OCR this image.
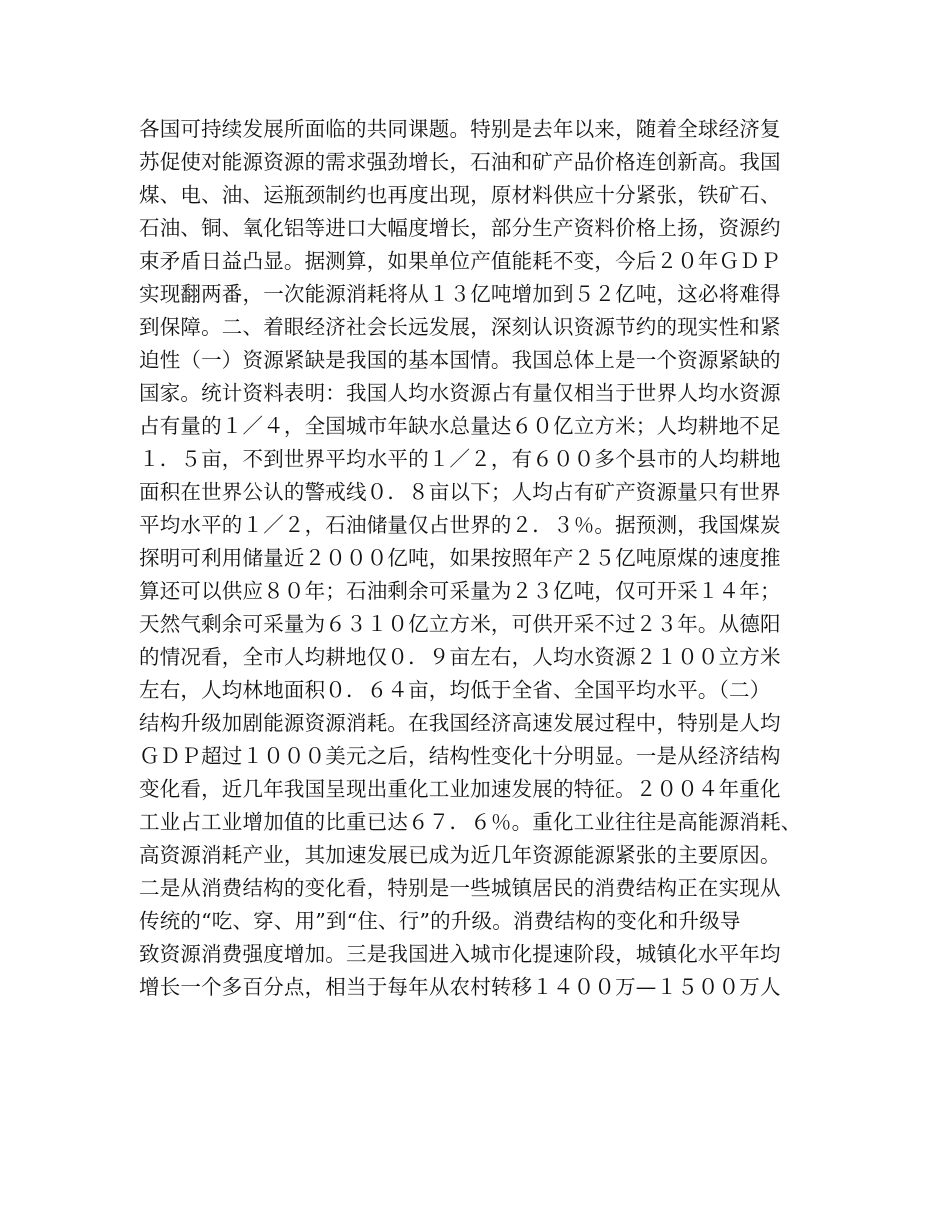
各国可持续发展所面临的共同课题。特别是去年以来，随着全球经济复
苏促使对能源资源的需求强劲增长，石油和矿产品价格连创新高。我国
煤、电、油、运瓶颈制约也再度出现，原材料供应十分紧张，铁矿石、
石油、铜、氧化铝等进口大幅度增长，部分生产资料价格上扬，资源约
束矛盾日益凸显。据测算，如果单位产值能耗不变，今后２０年ＧＤＰ
实现翻两番，一次能源消耗将从１３亿吨增加到５２亿吨，这必将难得
到保障。二、着眼经济社会长远发展，深刻认识资源节约的现实性和紧
迫性（一）资源紧缺是我国的基本国情。我国总体上是一个资源紧缺的
国家。统计资料表明：我国人均水资源占有量仅相当于世界人均水资源
占有量的１／４，全国城市年缺水总量达６０亿立方米；人均耕地不足
１．５亩，不到世界平均水平的１／２，有６００多个县市的人均耕地
面积在世界公认的警戒线０．８亩以下；人均占有矿产资源量只有世界
平均水平的１／２，石油储量仅占世界的２．３％。据预测，我国煤炭
探明可利用储量近２０００亿吨，如果按照年产２５亿吨原煤的速度推
算还可以供应８０年；石油剩余可采量为２３亿吨，仅可开采１４年；
天然气剩余可采量为６３１０亿立方米，可供开采不过２３年。从德阳
的情况看，全市人均耕地仅０．９亩左右，人均水资源２１００立方米
左右，人均林地面积０．６４亩，均低于全省、全国平均水平。（二）
结构升级加剧能源资源消耗。在我国经济高速发展过程中，特别是人均
ＧＤＰ超过１０００美元之后，结构性变化十分明显。一是从经济结构
变化看，近几年我国呈现出重化工业加速发展的特征。２００４年重化
工业占工业增加值的比重已达６７．６％。重化工业往往是高能源消耗、
高资源消耗产业，其加速发展已成为近几年资源能源紧张的主要原因。
二是从消费结构的变化看，特别是一些城镇居民的消费结构正在实现从
传统的“吃、穿、用”到“住、行”的升级。消费结构的变化和升级导
致资源消费强度增加。三是我国进入城市化提速阶段，城镇化水平年均
增长一个多百分点，相当于每年从农村转移１４００万—１５００万人
